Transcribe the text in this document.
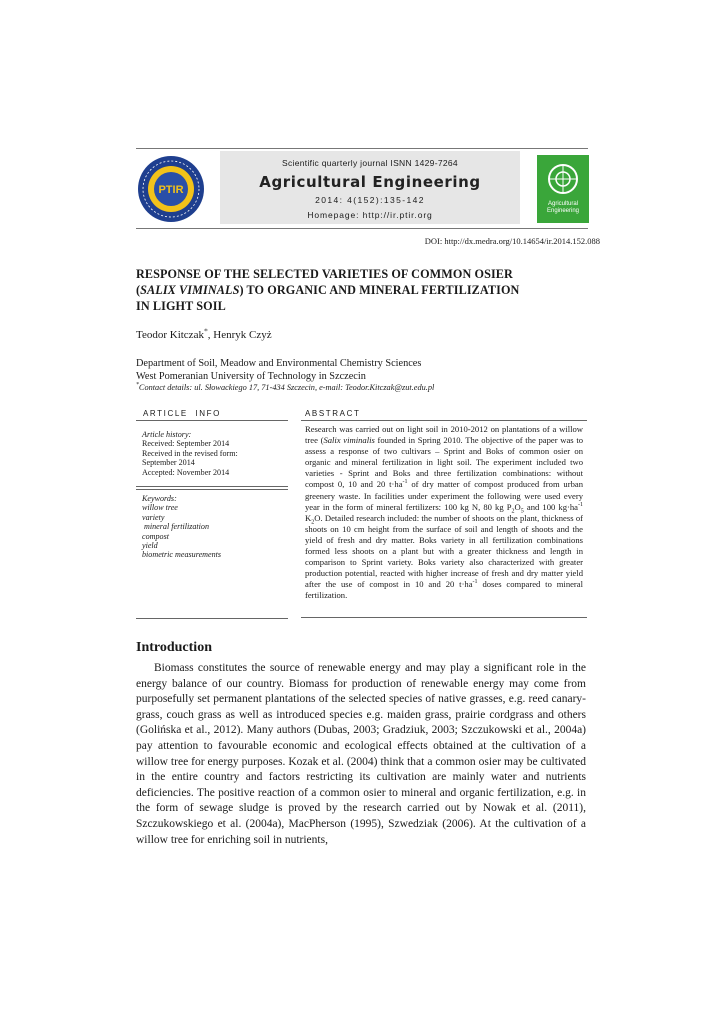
PTIR
Scientific quarterly journal ISNN 1429-7264
Agricultural Engineering
2014: 4(152):135-142
Homepage: http://ir.ptir.org
Agricultural
Engineering
DOI: http://dx.medra.org/10.14654/ir.2014.152.088
RESPONSE OF THE SELECTED VARIETIES OF COMMON OSIER
(SALIX VIMINALS) TO ORGANIC AND MINERAL FERTILIZATION
IN LIGHT SOIL
Teodor Kitczak*, Henryk Czyż
Department of Soil, Meadow and Environmental Chemistry Sciences
West Pomeranian University of Technology in Szczecin
*Contact details: ul. Słowackiego 17, 71-434 Szczecin, e-mail: Teodor.Kitczak@zut.edu.pl
ARTICLE  INFO
Article history:
Received: September 2014
Received in the revised form:
September 2014
Accepted: November 2014
Keywords:
willow tree
variety
mineral fertilization
compost
yield
biometric measurements
ABSTRACT
Research was carried out on light soil in 2010-2012 on plantations of a willow tree (Salix viminalis founded in Spring 2010. The objective of the paper was to assess a response of two cultivars – Sprint and Boks of common osier on organic and mineral fertilization in light soil. The experiment included two varieties - Sprint and Boks and three fertilization combinations: without compost 0, 10 and 20 $t\cdot ha^{-1}$ of dry matter of compost produced from urban greenery waste. In facilities under experiment the following were used every year in the form of mineral fertilizers: 100 kg N, 80 kg $P_2O_5$ and 100 $kg\cdot ha^{-1}$ $K_2O$. Detailed research included: the number of shoots on the plant, thickness of shoots on 10 cm height from the surface of soil and length of shoots and the yield of fresh and dry matter. Boks variety in all fertilization combinations formed less shoots on a plant but with a greater thickness and length in comparison to Sprint variety. Boks variety also characterized with greater production potential, reacted with higher increase of fresh and dry matter yield after the use of compost in 10 and 20 $t\cdot ha^{-1}$ doses compared to mineral fertilization.
Introduction
Biomass constitutes the source of renewable energy and may play a significant role in the energy balance of our country. Biomass for production of renewable energy may come from purposefully set permanent plantations of the selected species of native grasses, e.g. reed canary-grass, couch grass as well as introduced species e.g. maiden grass, prairie cordgrass and others (Golińska et al., 2012). Many authors (Dubas, 2003; Gradziuk, 2003; Szczukowski et al., 2004a) pay attention to favourable economic and ecological effects obtained at the cultivation of a willow tree for energy purposes. Kozak et al. (2004) think that a common osier may be cultivated in the entire country and factors restricting its cultivation are mainly water and nutrients deficiencies. The positive reaction of a common osier to mineral and organic fertilization, e.g. in the form of sewage sludge is proved by the research carried out by Nowak et al. (2011), Szczukowskiego et al. (2004a), MacPherson (1995), Szwedziak (2006). At the cultivation of a willow tree for enriching soil in nutrients,
